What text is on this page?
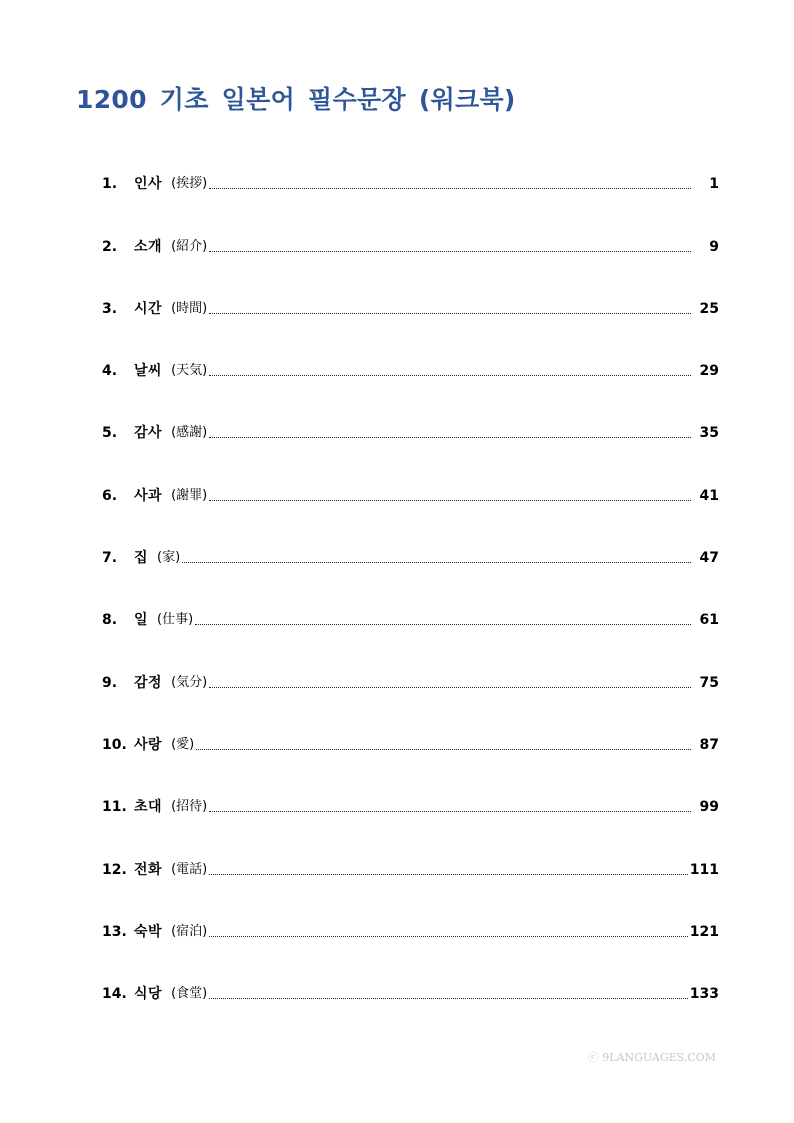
1200 기초 일본어 필수문장 (워크북)
1.	인사 (挨拶)	1
2.	소개 (紹介)	9
3.	시간 (時間)	25
4.	날씨 (天気)	29
5.	감사 (感謝)	35
6.	사과 (謝罪)	41
7.	집 (家)	47
8.	일 (仕事)	61
9.	감정 (気分)	75
10. 사랑 (愛)	87
11. 초대 (招待)	99
12. 전화 (電話)	111
13. 숙박 (宿泊)	121
14. 식당 (食堂)	133
ⓒ 9LANGUAGES.COM
